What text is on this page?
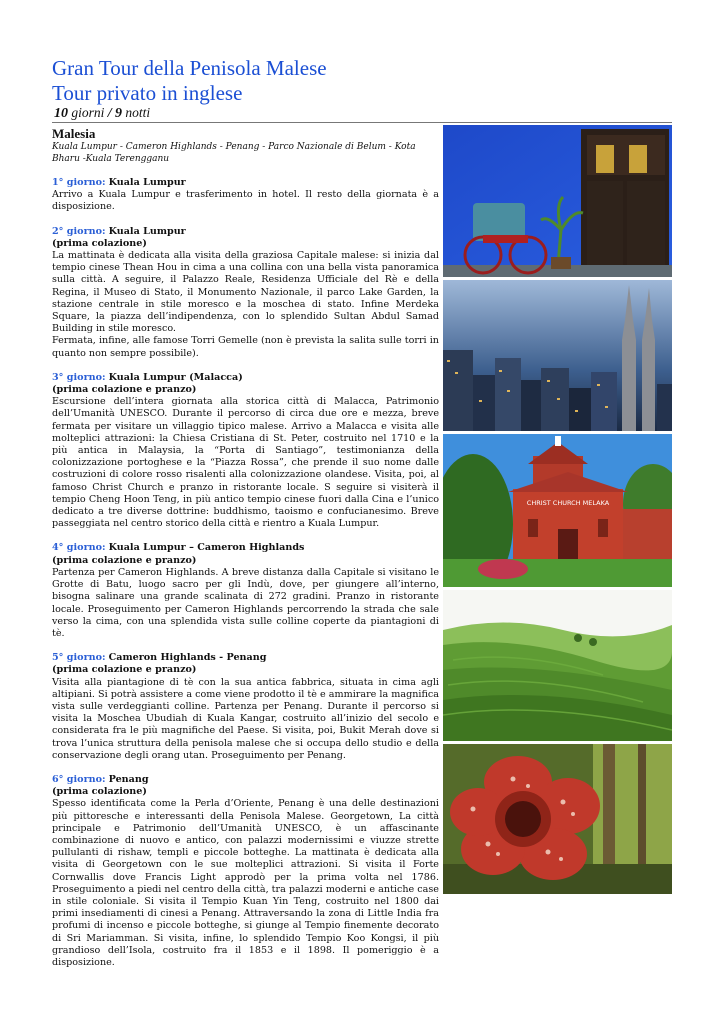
Gran Tour della Penisola Malese
Tour privato in inglese
10 giorni / 9 notti
Malesia
Kuala Lumpur - Cameron Highlands - Penang - Parco Nazionale di Belum - Kota Bharu -Kuala Terengganu
1° giorno: Kuala Lumpur
Arrivo a Kuala Lumpur e trasferimento in hotel. Il resto della giornata è a disposizione.
2° giorno: Kuala Lumpur
(prima colazione)
La mattinata è dedicata alla visita della graziosa Capitale malese: si inizia dal tempio cinese Thean Hou in cima a una collina con una bella vista panoramica sulla città. A seguire, il Palazzo Reale, Residenza Ufficiale del Rè e della Regina, il Museo di Stato, il Monumento Nazionale, il parco Lake Garden, la stazione centrale in stile moresco e la moschea di stato. Infine Merdeka Square, la piazza dell’indipendenza, con lo splendido Sultan Abdul Samad Building in stile moresco.
Fermata, infine, alle famose Torri Gemelle (non è prevista la salita sulle torri in quanto non sempre possibile).
3° giorno: Kuala Lumpur (Malacca)
(prima colazione e pranzo)
Escursione dell’intera giornata alla storica città di Malacca, Patrimonio dell’Umanità UNESCO. Durante il percorso di circa due ore e mezza, breve fermata per visitare un villaggio tipico malese. Arrivo a Malacca e visita alle molteplici attrazioni: la Chiesa Cristiana di St. Peter, costruito nel 1710 e la più antica in Malaysia, la “Porta di Santiago”, testimonianza della colonizzazione portoghese e la “Piazza Rossa”, che prende il suo nome dalle costruzioni di colore rosso risalenti alla colonizzazione olandese. Visita, poi, al famoso Christ Church e pranzo in ristorante locale. S seguire si visiterà il tempio Cheng Hoon Teng, in più antico tempio cinese fuori dalla Cina e l’unico dedicato a tre diverse dottrine: buddhismo, taoismo e confucianesimo. Breve passeggiata nel centro storico della città e rientro a Kuala Lumpur.
4° giorno: Kuala Lumpur – Cameron Highlands
(prima colazione e pranzo)
Partenza per Cameron Highlands. A breve distanza dalla Capitale si visitano le Grotte di Batu, luogo sacro per gli Indù, dove, per giungere all’interno, bisogna salinare una grande scalinata di 272 gradini. Pranzo in ristorante locale. Proseguimento per Cameron Highlands percorrendo la strada che sale verso la cima, con una splendida vista sulle colline coperte da piantagioni di tè.
5° giorno: Cameron Highlands - Penang
(prima colazione e pranzo)
Visita alla piantagione di tè con la sua antica fabbrica, situata in cima agli altipiani. Si potrà assistere a come viene prodotto il tè e ammirare la magnifica vista sulle verdeggianti colline. Partenza per Penang. Durante il percorso si visita la Moschea Ubudiah di Kuala Kangar, costruito all’inizio del secolo e considerata fra le più magnifiche del Paese. Si visita, poi, Bukit Merah dove si trova l’unica struttura della penisola malese che si occupa dello studio e della conservazione degli orang utan. Proseguimento per Penang.
6° giorno: Penang
(prima colazione)
Spesso identificata come la Perla d’Oriente, Penang è una delle destinazioni più pittoresche e interessanti della Penisola Malese. Georgetown, La città principale e Patrimonio dell’Umanità UNESCO, è un affascinante combinazione di nuovo e antico, con palazzi modernissimi e viuzze strette pullulanti di rishaw, templi e piccole botteghe. La mattinata è dedicata alla visita di Georgetown con le sue molteplici attrazioni. Si visita il Forte Cornwallis dove Francis Light approdò per la prima volta nel 1786. Proseguimento a piedi nel centro della città, tra palazzi moderni e antiche case in stile coloniale. Si visita il Tempio Kuan Yin Teng, costruito nel 1800 dai primi insediamenti di cinesi a Penang. Attraversando la zona di Little India fra profumi di incenso e piccole botteghe, si giunge al Tempio finemente decorato di Sri Mariamman. Si visita, infine, lo splendido Tempio Koo Kongsi, il più grandioso dell’Isola, costruito fra il 1853 e il 1898. Il pomeriggio è a disposizione.
CHRIST CHURCH MELAKA
